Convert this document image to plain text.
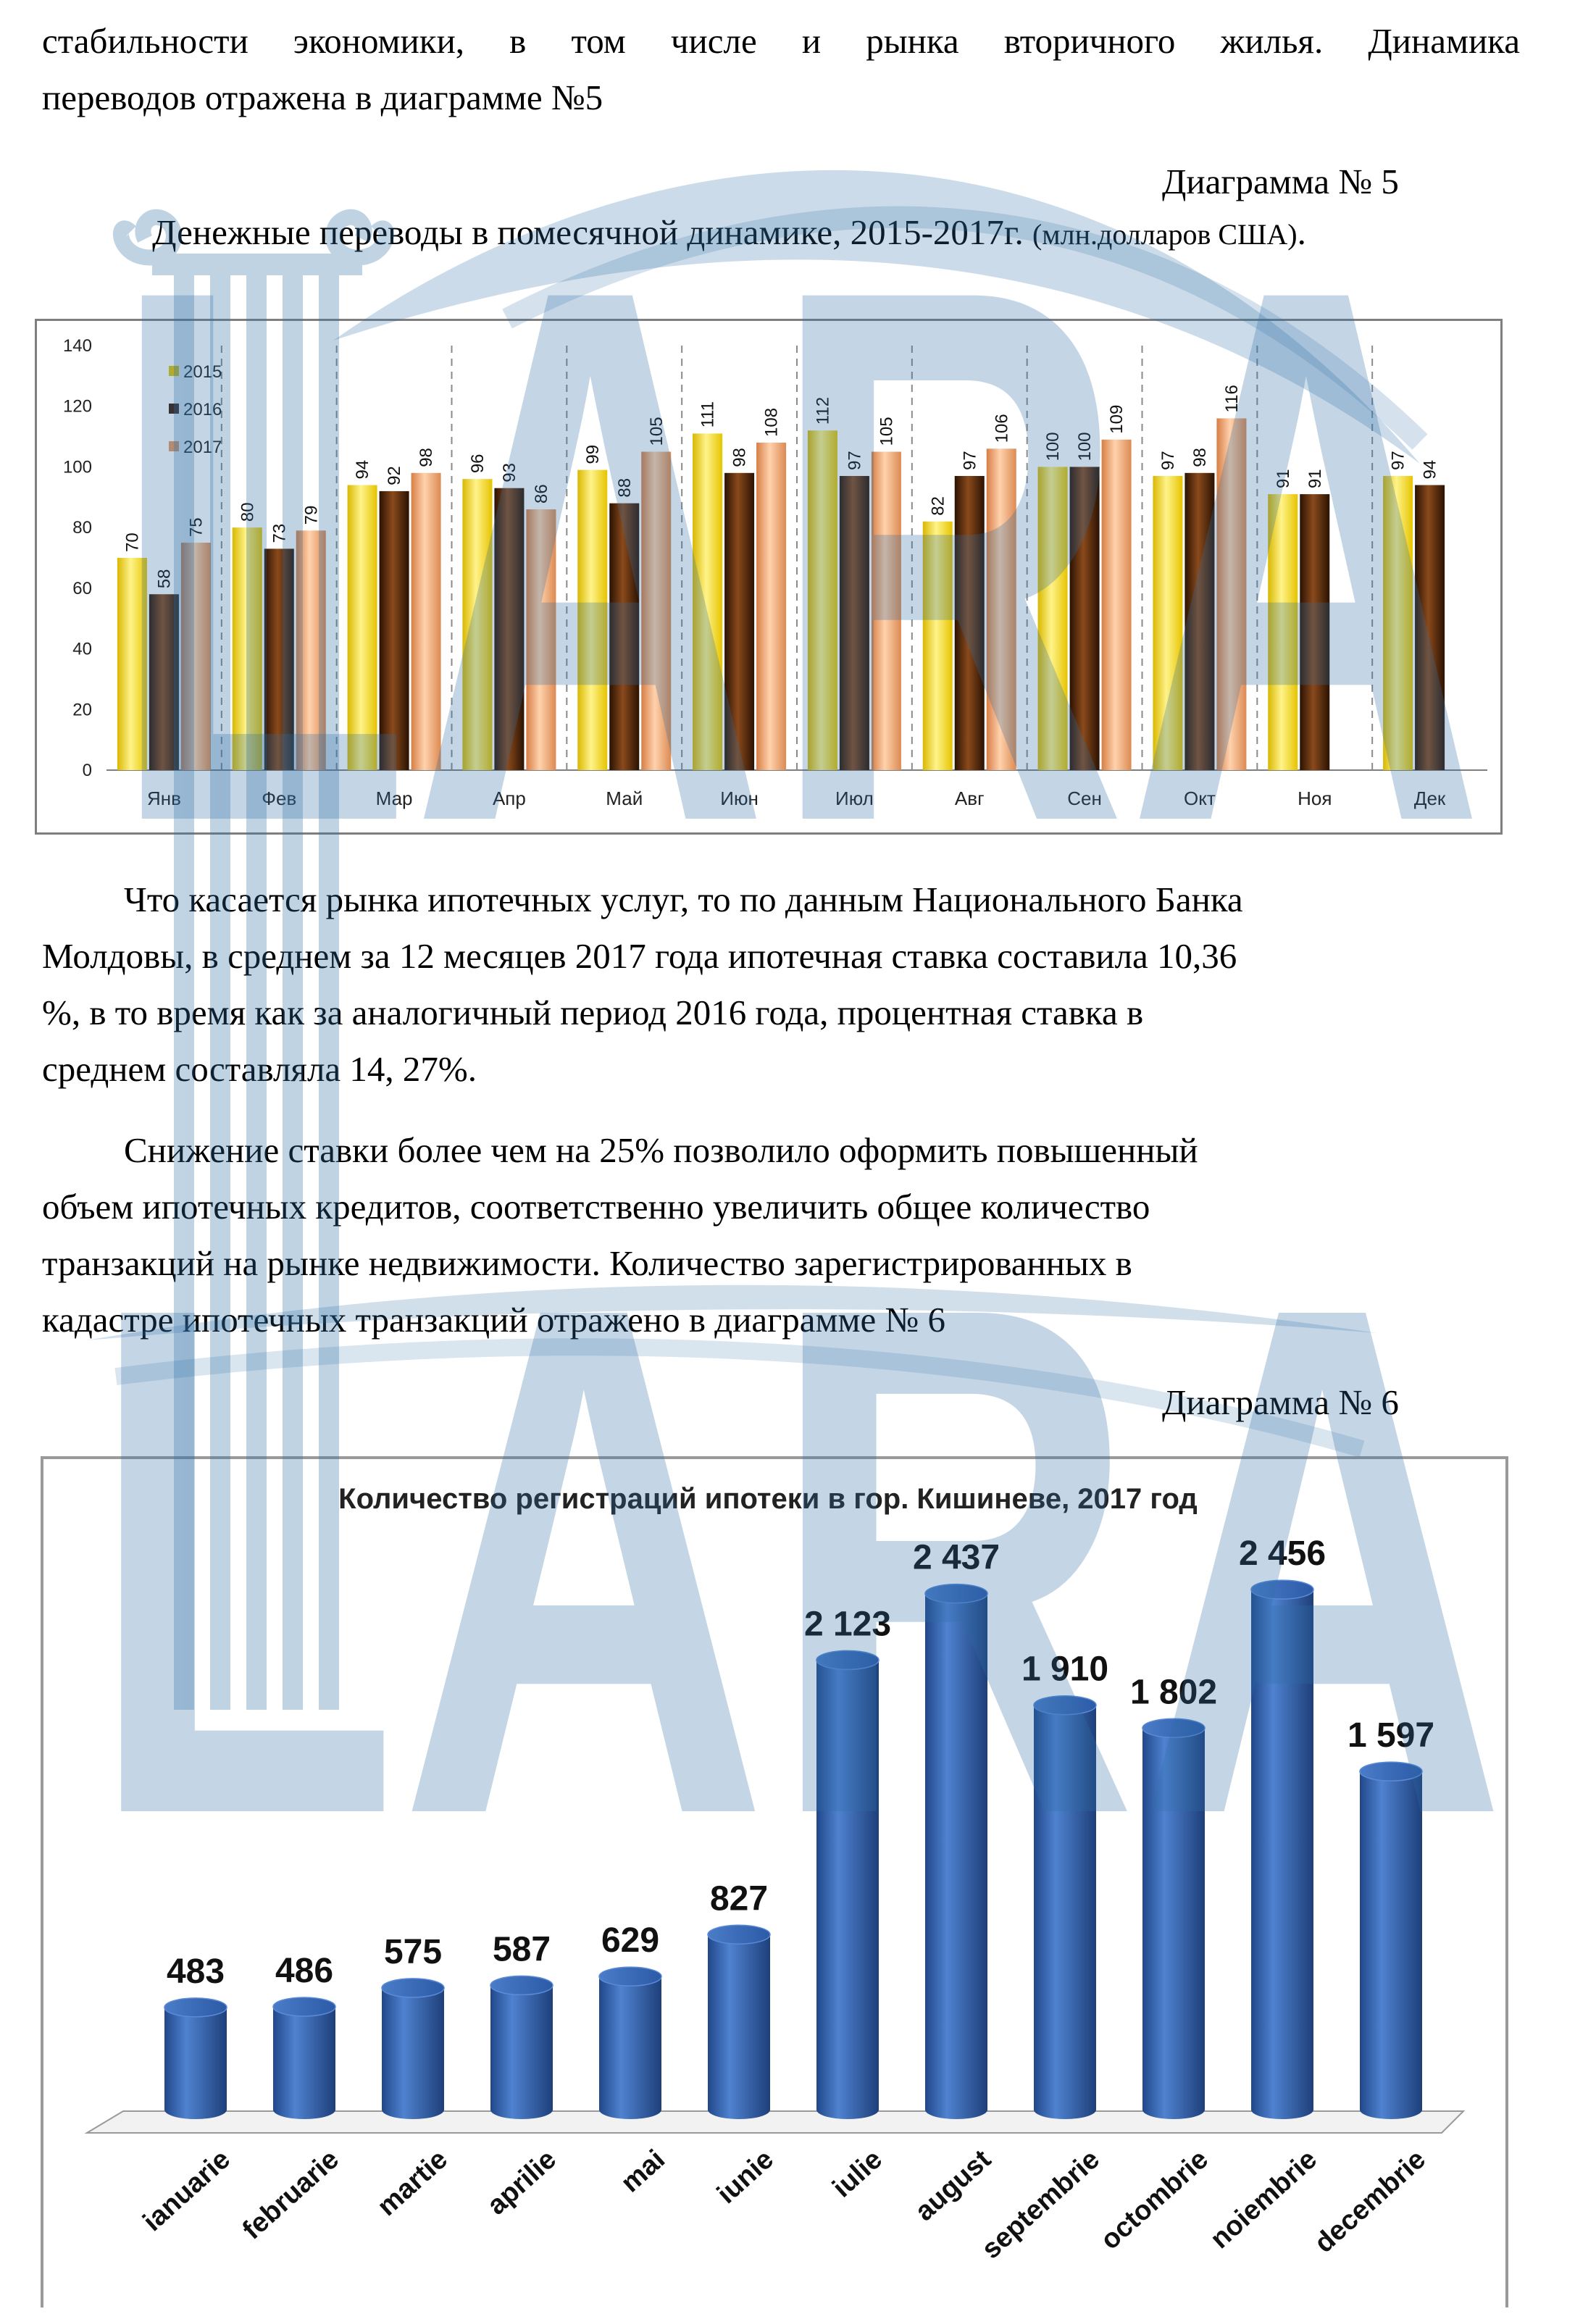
стабильности экономики, в том числе и рынка вторичного жилья. Динамика
переводов отражена в диаграмме №5
Диаграмма № 5
Денежные переводы в помесячной динамике, 2015-2017г. (млн.долларов США).
0
20
40
60
80
100
120
140
Янв
70
58
75
Фев
80
73
79
Мар
94 92
98
Апр
96 93
86
Май
99
88
105
Июн
111
98
108
Июл
112
97
105
Авг
82
97
106
Сен
100 100
109
Окт
97 98
116
Ноя
91 91
Дек
97 94
2015
2016
2017
Что касается рынка ипотечных услуг, то по данным Национального Банка
Молдовы, в среднем за 12 месяцев 2017 года ипотечная ставка составила 10,36
%, в то время как за аналогичный период 2016 года, процентная ставка в
среднем составляла 14, 27%.
Снижение ставки более чем на 25% позволило оформить повышенный
объем ипотечных кредитов, соответственно увеличить общее количество
транзакций на рынке недвижимости. Количество зарегистрированных в
кадастре ипотечных транзакций отражено в диаграмме № 6
Диаграмма № 6
Количество регистраций ипотеки в гор. Кишиневе, 2017 год
483
ianuarie
486
februarie
575
martie
587
aprilie
629
mai
827
iunie
2 123
iulie
2 437
august
1 910
septembrie
1 802
octombrie
2 456
noiembrie
1 597
decembrie
LARA
LARA
